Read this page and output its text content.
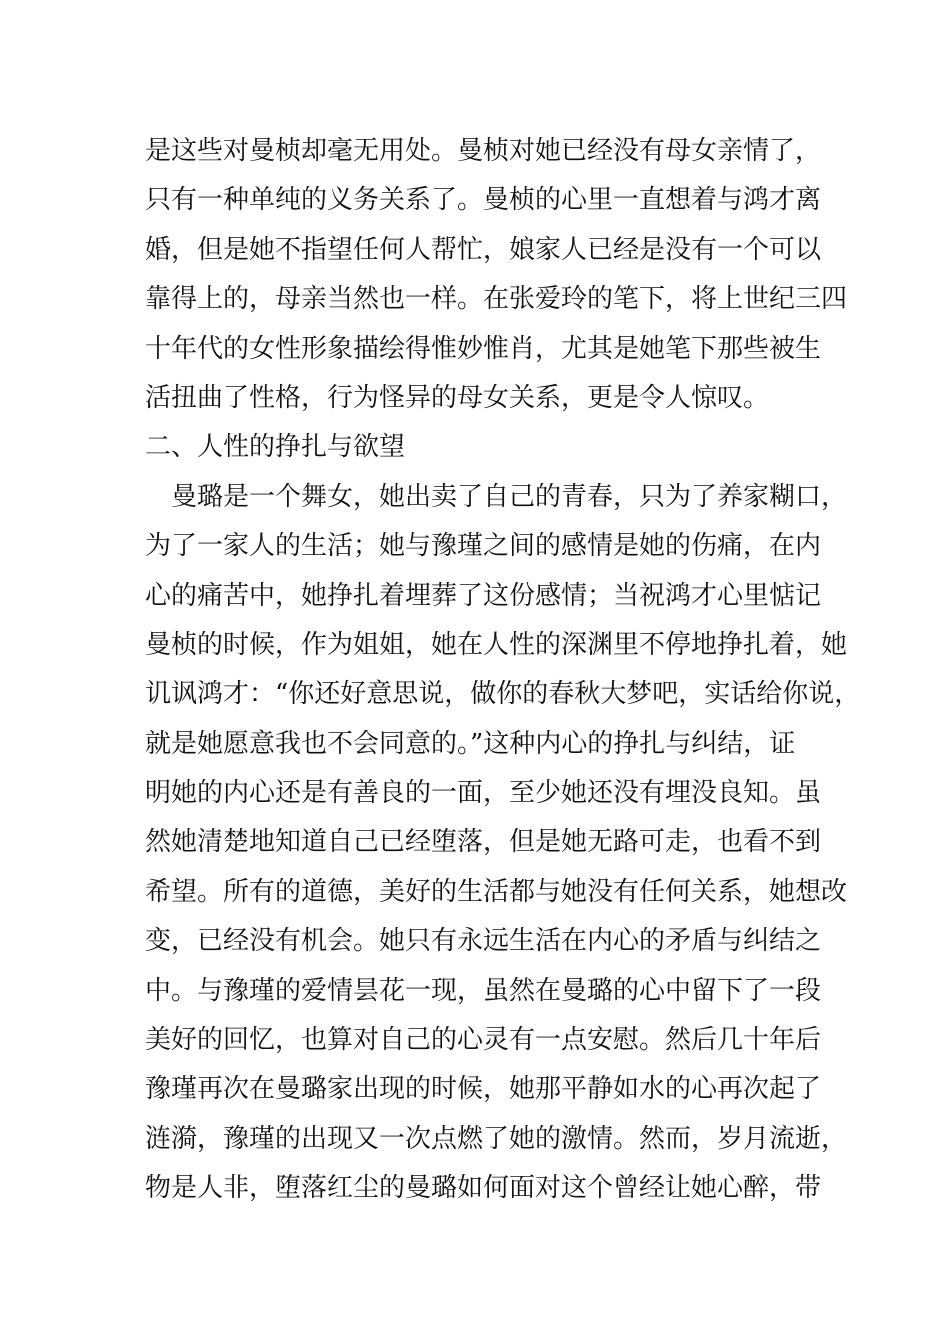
是这些对曼桢却毫无用处。曼桢对她已经没有母女亲情了，
只有一种单纯的义务关系了。曼桢的心里一直想着与鸿才离
婚，但是她不指望任何人帮忙，娘家人已经是没有一个可以
靠得上的，母亲当然也一样。在张爱玲的笔下，将上世纪三四
十年代的女性形象描绘得惟妙惟肖，尤其是她笔下那些被生
活扭曲了性格，行为怪异的母女关系，更是令人惊叹。
二、人性的挣扎与欲望
曼璐是一个舞女，她出卖了自己的青春，只为了养家糊口，
为了一家人的生活；她与豫瑾之间的感情是她的伤痛，在内
心的痛苦中，她挣扎着埋葬了这份感情；当祝鸿才心里惦记
曼桢的时候，作为姐姐，她在人性的深渊里不停地挣扎着，她
讥讽鸿才：“你还好意思说，做你的春秋大梦吧，实话给你说，
就是她愿意我也不会同意的。”这种内心的挣扎与纠结，证
明她的内心还是有善良的一面，至少她还没有埋没良知。虽
然她清楚地知道自己已经堕落，但是她无路可走，也看不到
希望。所有的道德，美好的生活都与她没有任何关系，她想改
变，已经没有机会。她只有永远生活在内心的矛盾与纠结之
中。与豫瑾的爱情昙花一现，虽然在曼璐的心中留下了一段
美好的回忆，也算对自己的心灵有一点安慰。然后几十年后
豫瑾再次在曼璐家出现的时候，她那平静如水的心再次起了
涟漪，豫瑾的出现又一次点燃了她的激情。然而，岁月流逝，
物是人非，堕落红尘的曼璐如何面对这个曾经让她心醉，带
